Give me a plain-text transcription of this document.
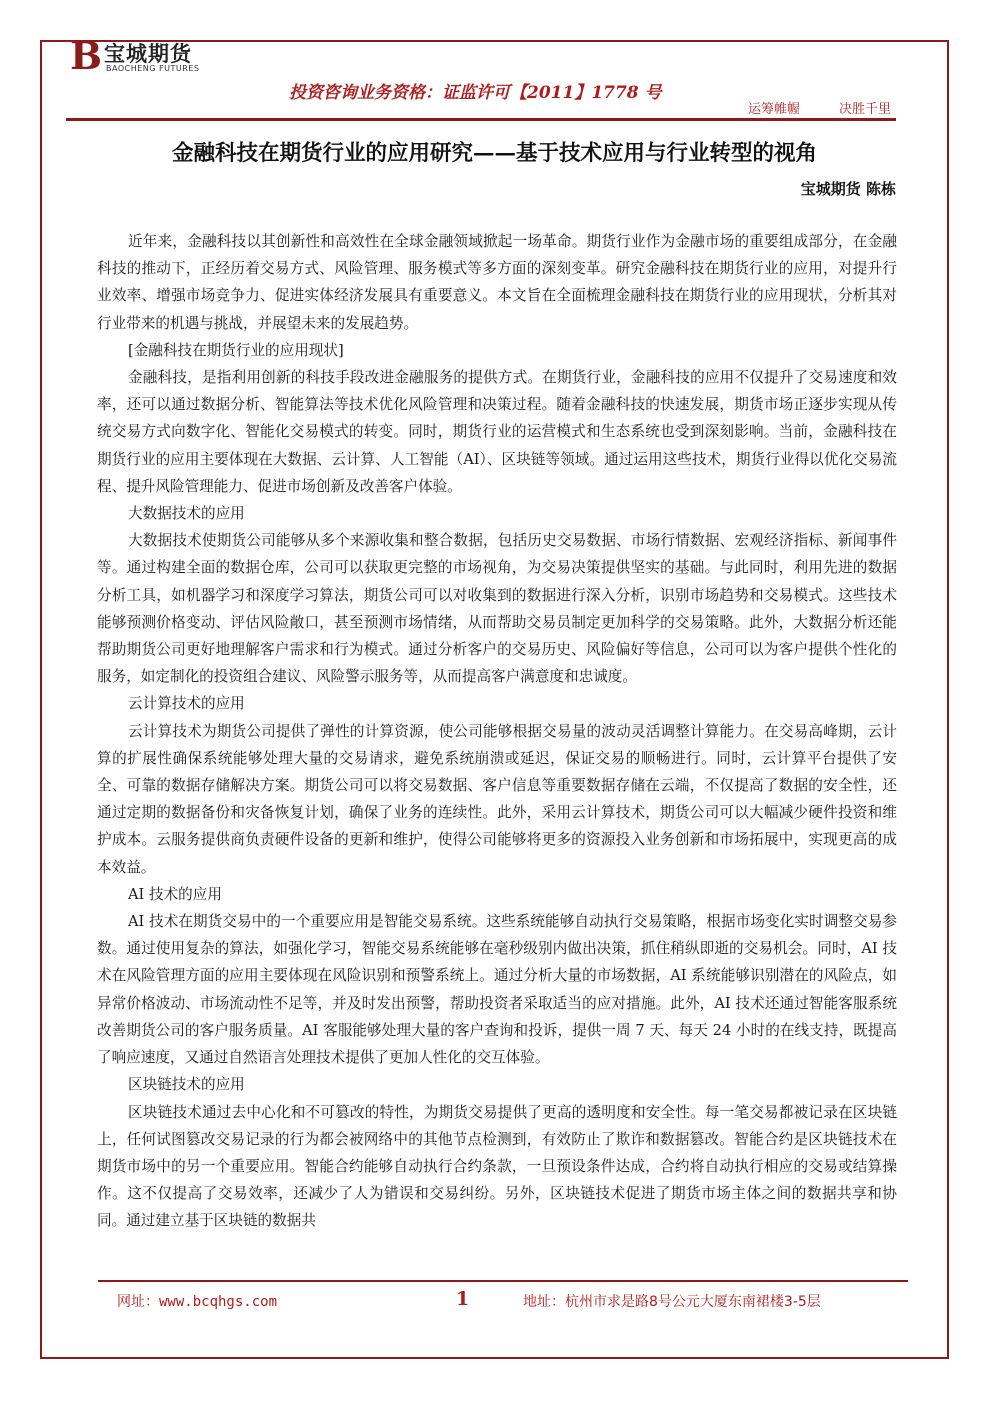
B 宝城期货
BAOCHENG FUTURES
投资咨询业务资格：证监许可【2011】1778 号
运筹帷幄	决胜千里
金融科技在期货行业的应用研究——基于技术应用与行业转型的视角
宝城期货 陈栋

近年来，金融科技以其创新性和高效性在全球金融领域掀起一场革命。期货行业作为金融市场的重要组成部分，在金融科技的推动下，正经历着交易方式、风险管理、服务模式等多方面的深刻变革。研究金融科技在期货行业的应用，对提升行业效率、增强市场竞争力、促进实体经济发展具有重要意义。本文旨在全面梳理金融科技在期货行业的应用现状，分析其对行业带来的机遇与挑战，并展望未来的发展趋势。

[金融科技在期货行业的应用现状]

金融科技，是指利用创新的科技手段改进金融服务的提供方式。在期货行业，金融科技的应用不仅提升了交易速度和效率，还可以通过数据分析、智能算法等技术优化风险管理和决策过程。随着金融科技的快速发展，期货市场正逐步实现从传统交易方式向数字化、智能化交易模式的转变。同时，期货行业的运营模式和生态系统也受到深刻影响。当前，金融科技在期货行业的应用主要体现在大数据、云计算、人工智能（AI）、区块链等领域。通过运用这些技术，期货行业得以优化交易流程、提升风险管理能力、促进市场创新及改善客户体验。

大数据技术的应用

大数据技术使期货公司能够从多个来源收集和整合数据，包括历史交易数据、市场行情数据、宏观经济指标、新闻事件等。通过构建全面的数据仓库，公司可以获取更完整的市场视角，为交易决策提供坚实的基础。与此同时，利用先进的数据分析工具，如机器学习和深度学习算法，期货公司可以对收集到的数据进行深入分析，识别市场趋势和交易模式。这些技术能够预测价格变动、评估风险敞口，甚至预测市场情绪，从而帮助交易员制定更加科学的交易策略。此外，大数据分析还能帮助期货公司更好地理解客户需求和行为模式。通过分析客户的交易历史、风险偏好等信息，公司可以为客户提供个性化的服务，如定制化的投资组合建议、风险警示服务等，从而提高客户满意度和忠诚度。

云计算技术的应用

云计算技术为期货公司提供了弹性的计算资源，使公司能够根据交易量的波动灵活调整计算能力。在交易高峰期，云计算的扩展性确保系统能够处理大量的交易请求，避免系统崩溃或延迟，保证交易的顺畅进行。同时，云计算平台提供了安全、可靠的数据存储解决方案。期货公司可以将交易数据、客户信息等重要数据存储在云端，不仅提高了数据的安全性，还通过定期的数据备份和灾备恢复计划，确保了业务的连续性。此外，采用云计算技术，期货公司可以大幅减少硬件投资和维护成本。云服务提供商负责硬件设备的更新和维护，使得公司能够将更多的资源投入业务创新和市场拓展中，实现更高的成本效益。

AI 技术的应用

AI 技术在期货交易中的一个重要应用是智能交易系统。这些系统能够自动执行交易策略，根据市场变化实时调整交易参数。通过使用复杂的算法，如强化学习，智能交易系统能够在毫秒级别内做出决策，抓住稍纵即逝的交易机会。同时，AI 技术在风险管理方面的应用主要体现在风险识别和预警系统上。通过分析大量的市场数据，AI 系统能够识别潜在的风险点，如异常价格波动、市场流动性不足等，并及时发出预警，帮助投资者采取适当的应对措施。此外，AI 技术还通过智能客服系统改善期货公司的客户服务质量。AI 客服能够处理大量的客户查询和投诉，提供一周 7 天、每天 24 小时的在线支持，既提高了响应速度，又通过自然语言处理技术提供了更加人性化的交互体验。

区块链技术的应用

区块链技术通过去中心化和不可篡改的特性，为期货交易提供了更高的透明度和安全性。每一笔交易都被记录在区块链上，任何试图篡改交易记录的行为都会被网络中的其他节点检测到，有效防止了欺诈和数据篡改。智能合约是区块链技术在期货市场中的另一个重要应用。智能合约能够自动执行合约条款，一旦预设条件达成，合约将自动执行相应的交易或结算操作。这不仅提高了交易效率，还减少了人为错误和交易纠纷。另外，区块链技术促进了期货市场主体之间的数据共享和协同。通过建立基于区块链的数据共

网址：www.bcqhgs.com	1	地址：杭州市求是路8号公元大厦东南裙楼3-5层
